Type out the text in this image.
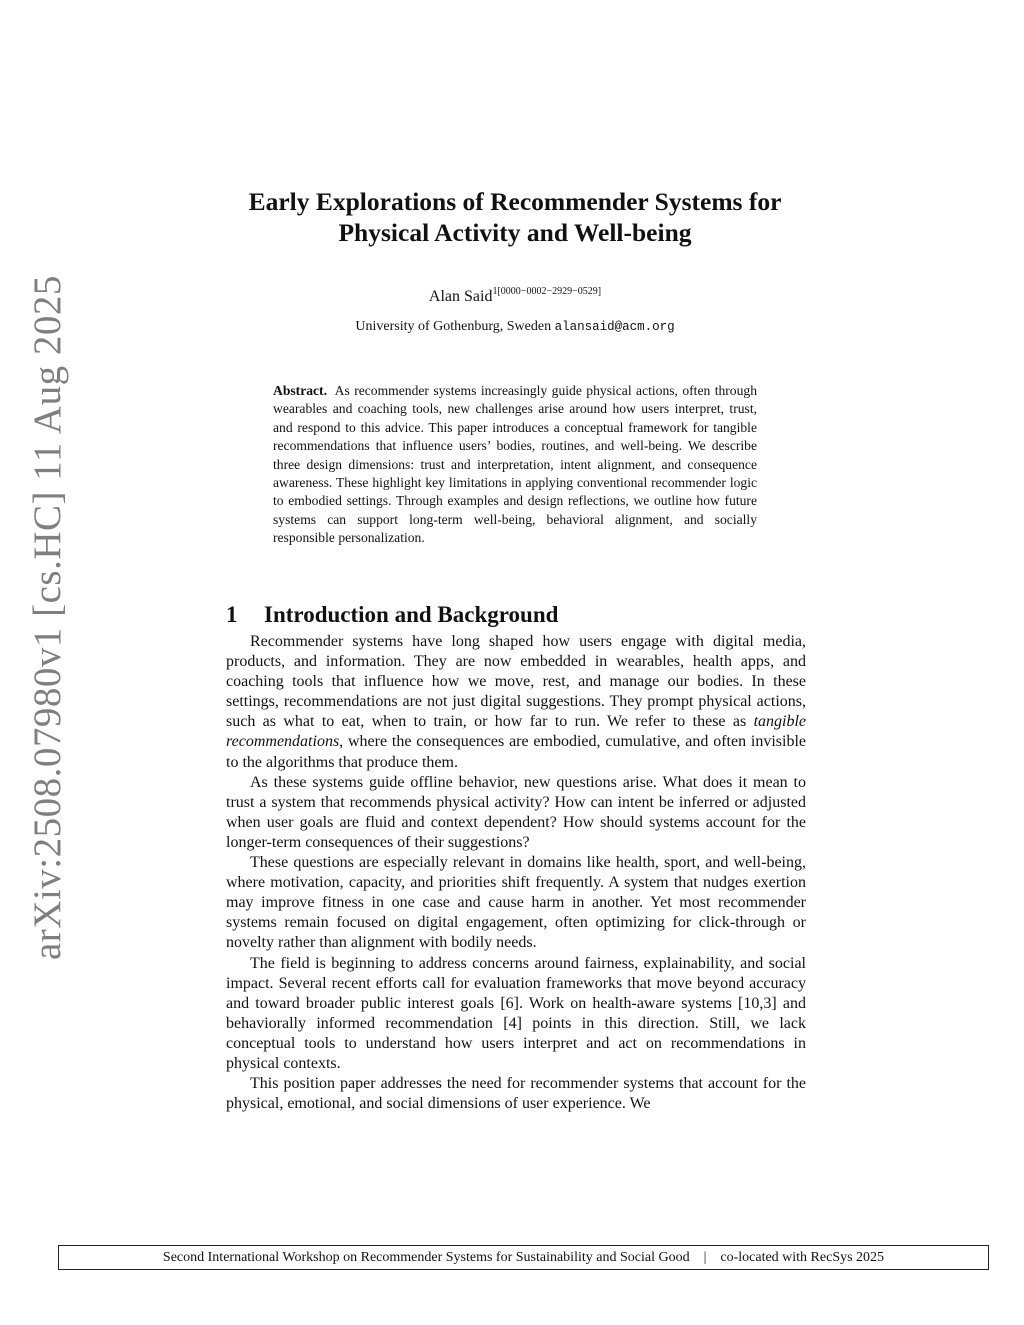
arXiv:2508.07980v1 [cs.HC] 11 Aug 2025
Early Explorations of Recommender Systems for
Physical Activity and Well-being
Alan Said$^{1[0000-0002-2929-0529]}$
University of Gothenburg, Sweden alansaid@acm.org
Abstract. As recommender systems increasingly guide physical actions, often through wearables and coaching tools, new challenges arise around how users interpret, trust, and respond to this advice. This paper introduces a conceptual framework for tangible recommendations that influence users’ bodies, routines, and well-being. We describe three design dimensions: trust and interpretation, intent alignment, and consequence awareness. These highlight key limitations in applying conventional recommender logic to embodied settings. Through examples and design reflections, we outline how future systems can support long-term well-being, behavioral alignment, and socially responsible personalization.
1 Introduction and Background

Recommender systems have long shaped how users engage with digital media, products, and information. They are now embedded in wearables, health apps, and coaching tools that influence how we move, rest, and manage our bodies. In these settings, recommendations are not just digital suggestions. They prompt physical actions, such as what to eat, when to train, or how far to run. We refer to these as tangible recommendations, where the consequences are embodied, cumulative, and often invisible to the algorithms that produce them.

As these systems guide offline behavior, new questions arise. What does it mean to trust a system that recommends physical activity? How can intent be inferred or adjusted when user goals are fluid and context dependent? How should systems account for the longer-term consequences of their suggestions?

These questions are especially relevant in domains like health, sport, and well-being, where motivation, capacity, and priorities shift frequently. A system that nudges exertion may improve fitness in one case and cause harm in another. Yet most recommender systems remain focused on digital engagement, often optimizing for click-through or novelty rather than alignment with bodily needs.

The field is beginning to address concerns around fairness, explainability, and social impact. Several recent efforts call for evaluation frameworks that move beyond accuracy and toward broader public interest goals [6]. Work on health-aware systems [10,3] and behaviorally informed recommendation [4] points in this direction. Still, we lack conceptual tools to understand how users interpret and act on recommendations in physical contexts.

This position paper addresses the need for recommender systems that account for the physical, emotional, and social dimensions of user experience. We

Second International Workshop on Recommender Systems for Sustainability and Social Good | co-located with RecSys 2025
